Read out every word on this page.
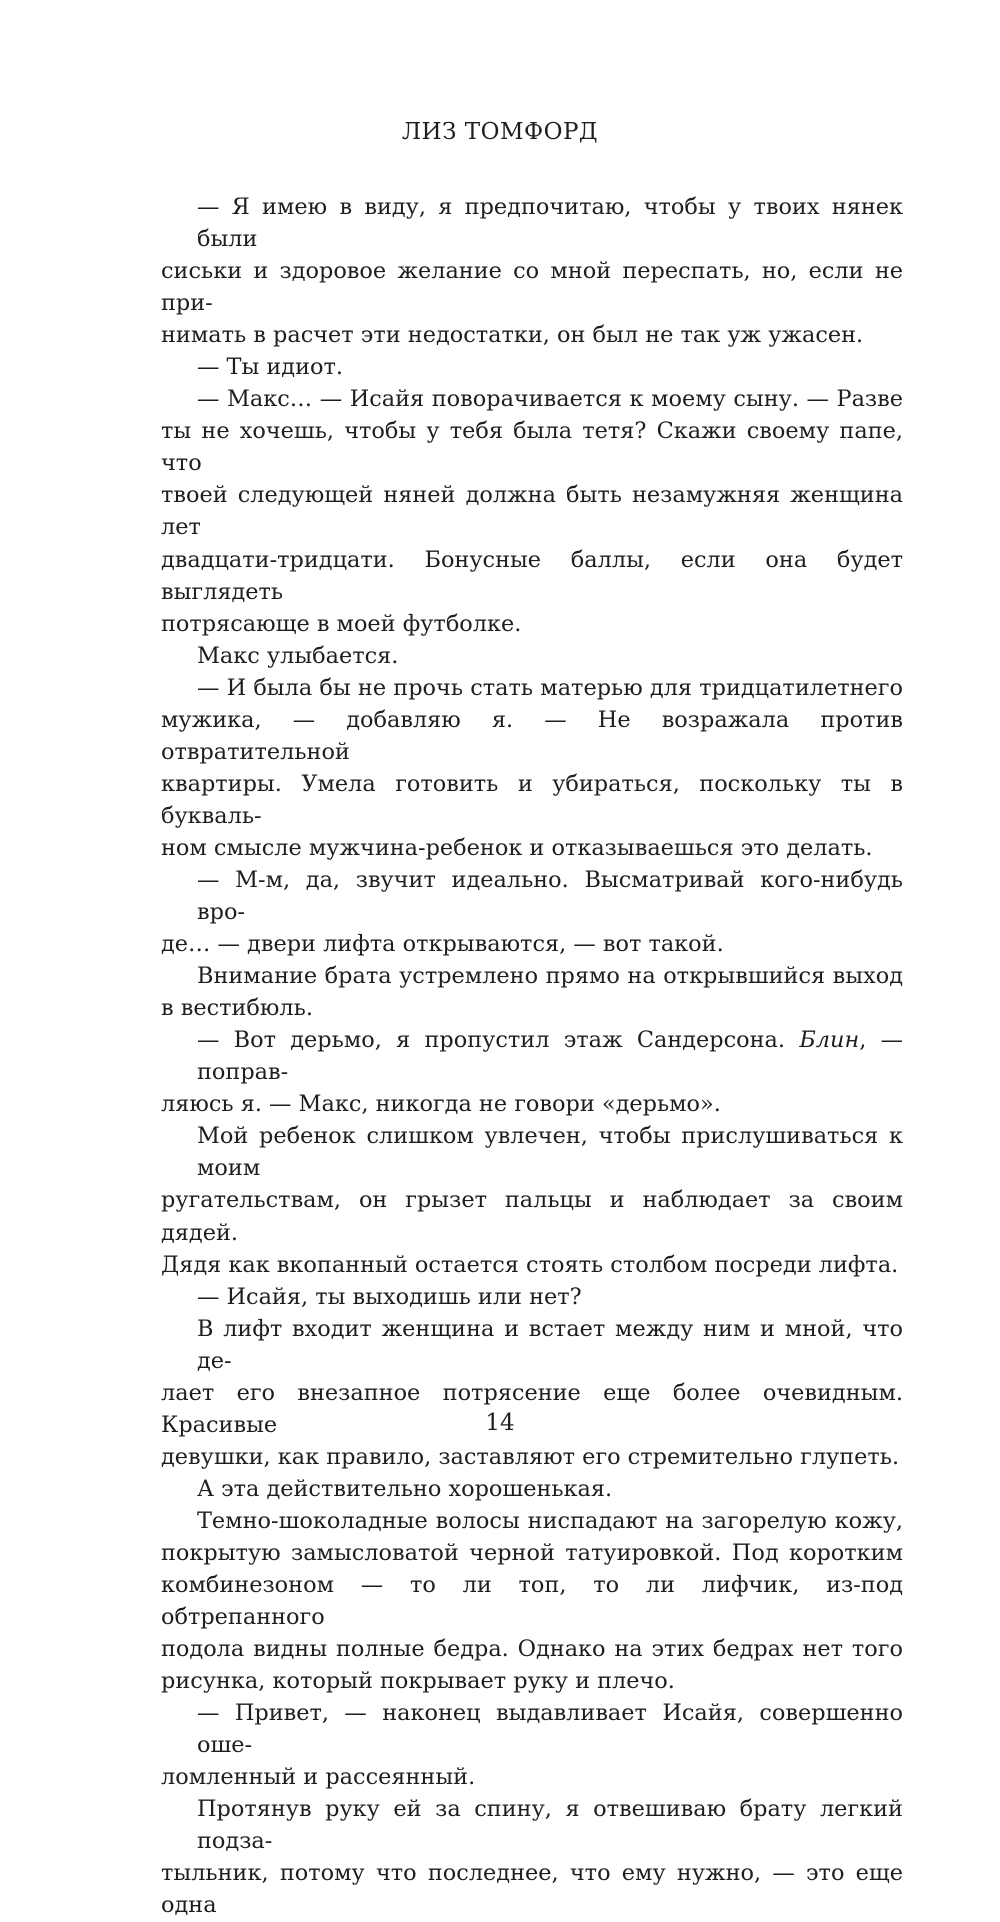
ЛИЗ ТОМФОРД
— Я имею в виду, я предпочитаю, чтобы у твоих нянек были
сиськи и здоровое желание со мной переспать, но, если не при-
нимать в расчет эти недостатки, он был не так уж ужасен.
— Ты идиот.
— Макс… — Исайя поворачивается к моему сыну. — Разве
ты не хочешь, чтобы у тебя была тетя? Скажи своему папе, что
твоей следующей няней должна быть незамужняя женщина лет
двадцати-тридцати. Бонусные баллы, если она будет выглядеть
потрясающе в моей футболке.
Макс улыбается.
— И была бы не прочь стать матерью для тридцатилетнего
мужика, — добавляю я. — Не возражала против отвратительной
квартиры. Умела готовить и убираться, поскольку ты в букваль-
ном смысле мужчина-ребенок и отказываешься это делать.
— М-м, да, звучит идеально. Высматривай кого-нибудь вро-
де… — двери лифта открываются, — вот такой.
Внимание брата устремлено прямо на открывшийся выход
в вестибюль.
— Вот дерьмо, я пропустил этаж Сандерсона. Блин, — поправ-
ляюсь я. — Макс, никогда не говори «дерьмо».
Мой ребенок слишком увлечен, чтобы прислушиваться к моим
ругательствам, он грызет пальцы и наблюдает за своим дядей.
Дядя как вкопанный остается стоять столбом посреди лифта.
— Исайя, ты выходишь или нет?
В лифт входит женщина и встает между ним и мной, что де-
лает его внезапное потрясение еще более очевидным. Красивые
девушки, как правило, заставляют его стремительно глупеть.
А эта действительно хорошенькая.
Темно-шоколадные волосы ниспадают на загорелую кожу,
покрытую замысловатой черной татуировкой. Под коротким
комбинезоном — то ли топ, то ли лифчик, из-под обтрепанного
подола видны полные бедра. Однако на этих бедрах нет того
рисунка, который покрывает руку и плечо.
— Привет, — наконец выдавливает Исайя, совершенно ошe-
ломленный и рассеянный.
Протянув руку ей за спину, я отвешиваю брату легкий подза-
тыльник, потому что последнее, что ему нужно, — это еще одна
14
